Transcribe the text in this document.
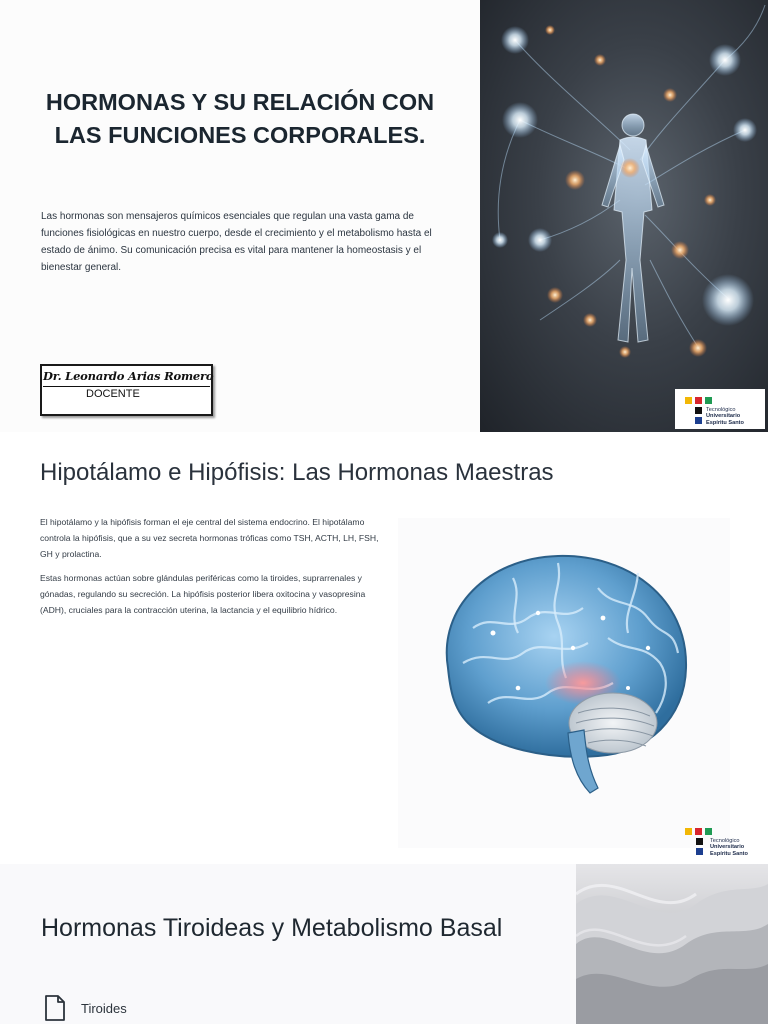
HORMONAS Y SU RELACIÓN CON LAS FUNCIONES CORPORALES.

Las hormonas son mensajeros químicos esenciales que regulan una vasta gama de funciones fisiológicas en nuestro cuerpo, desde el crecimiento y el metabolismo hasta el estado de ánimo. Su comunicación precisa es vital para mantener la homeostasis y el bienestar general.

Dr. Leonardo Arias Romero
DOCENTE
Tecnológico
Universitario
Espíritu Santo
Hipotálamo e Hipófisis: Las Hormonas Maestras

El hipotálamo y la hipófisis forman el eje central del sistema endocrino. El hipotálamo controla la hipófisis, que a su vez secreta hormonas tróficas como TSH, ACTH, LH, FSH, GH y prolactina.

Estas hormonas actúan sobre glándulas periféricas como la tiroides, suprarrenales y gónadas, regulando su secreción. La hipófisis posterior libera oxitocina y vasopresina (ADH), cruciales para la contracción uterina, la lactancia y el equilibrio hídrico.

Tecnológico
Universitario
Espíritu Santo
Hormonas Tiroideas y Metabolismo Basal
Tiroides
